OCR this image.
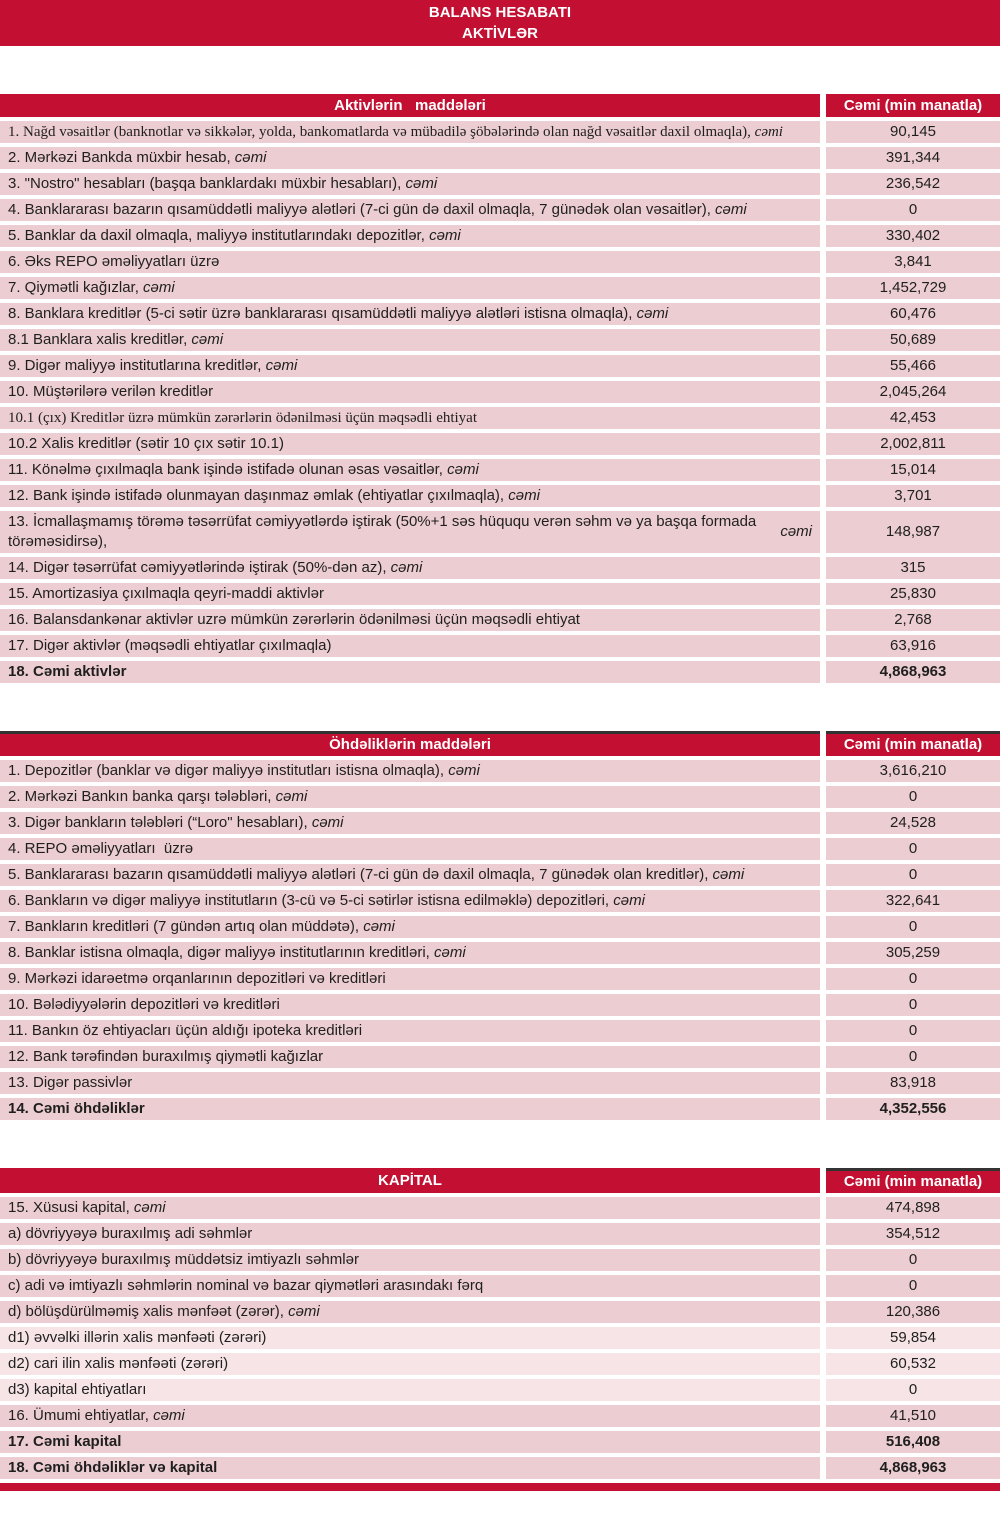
BALANS HESABATI
AKTİVLƏR
Aktivlərin   maddələri	Cəmi (min manatla)
1. Nağd vəsaitlər (banknotlar və sikkələr, yolda, bankomatlarda və mübadilə şöbələrində olan nağd vəsaitlər daxil olmaqla), cəmi	90,145
2. Mərkəzi Bankda müxbir hesab, cəmi	391,344
3. "Nostro" hesabları (başqa banklardakı müxbir hesabları), cəmi	236,542
4. Banklararası bazarın qısamüddətli maliyyə alətləri (7-ci gün də daxil olmaqla, 7 günədək olan vəsaitlər), cəmi	0
5. Banklar da daxil olmaqla, maliyyə institutlarındakı depozitlər, cəmi	330,402
6. Əks REPO əməliyyatları üzrə	3,841
7. Qiymətli kağızlar, cəmi	1,452,729
8. Banklara kreditlər (5-ci sətir üzrə banklararası qısamüddətli maliyyə alətləri istisna olmaqla), cəmi	60,476
8.1 Banklara xalis kreditlər, cəmi	50,689
9. Digər maliyyə institutlarına kreditlər, cəmi	55,466
10. Müştərilərə verilən kreditlər	2,045,264
10.1 (çıx) Kreditlər üzrə mümkün zərərlərin ödənilməsi üçün məqsədli ehtiyat	42,453
10.2 Xalis kreditlər (sətir 10 çıx sətir 10.1)	2,002,811
11. Könəlmə çıxılmaqla bank işində istifadə olunan əsas vəsaitlər, cəmi	15,014
12. Bank işində istifadə olunmayan daşınmaz əmlak (ehtiyatlar çıxılmaqla), cəmi	3,701
13. İcmallaşmamış törəmə təsərrüfat cəmiyyətlərdə iştirak (50%+1 səs hüququ verən səhm və ya başqa formada törəməsidirsə),
cəmi	148,987
14. Digər təsərrüfat cəmiyyətlərində iştirak (50%-dən az), cəmi	315
15. Amortizasiya çıxılmaqla qeyri-maddi aktivlər	25,830
16. Balansdankənar aktivlər uzrə mümkün zərərlərin ödənilməsi üçün məqsədli ehtiyat	2,768
17. Digər aktivlər (məqsədli ehtiyatlar çıxılmaqla)	63,916
18. Cəmi aktivlər	4,868,963
Öhdəliklərin maddələri	Cəmi (min manatla)
1. Depozitlər (banklar və digər maliyyə institutları istisna olmaqla), cəmi	3,616,210
2. Mərkəzi Bankın banka qarşı tələbləri, cəmi	0
3. Digər bankların tələbləri (“Loro" hesabları), cəmi	24,528
4. REPO əməliyyatları  üzrə	0
5. Banklararası bazarın qısamüddətli maliyyə alətləri (7-ci gün də daxil olmaqla, 7 günədək olan kreditlər), cəmi	0
6. Bankların və digər maliyyə institutların (3-cü və 5-ci sətirlər istisna edilməklə) depozitləri, cəmi	322,641
7. Bankların kreditləri (7 gündən artıq olan müddətə), cəmi	0
8. Banklar istisna olmaqla, digər maliyyə institutlarının kreditləri, cəmi	305,259
9. Mərkəzi idarəetmə orqanlarının depozitləri və kreditləri	0
10. Bələdiyyələrin depozitləri və kreditləri	0
11. Bankın öz ehtiyacları üçün aldığı ipoteka kreditləri	0
12. Bank tərəfindən buraxılmış qiymətli kağızlar	0
13. Digər passivlər	83,918
14. Cəmi öhdəliklər	4,352,556
KAPİTAL	Cəmi (min manatla)
15. Xüsusi kapital, cəmi	474,898
a) dövriyyəyə buraxılmış adi səhmlər	354,512
b) dövriyyəyə buraxılmış müddətsiz imtiyazlı səhmlər	0
c) adi və imtiyazlı səhmlərin nominal və bazar qiymətləri arasındakı fərq	0
d) bölüşdürülməmiş xalis mənfəət (zərər), cəmi	120,386
d1) əvvəlki illərin xalis mənfəəti (zərəri)	59,854
d2) cari ilin xalis mənfəəti (zərəri)	60,532
d3) kapital ehtiyatları	0
16. Ümumi ehtiyatlar, cəmi	41,510
17. Cəmi kapital	516,408
18. Cəmi öhdəliklər və kapital	4,868,963
